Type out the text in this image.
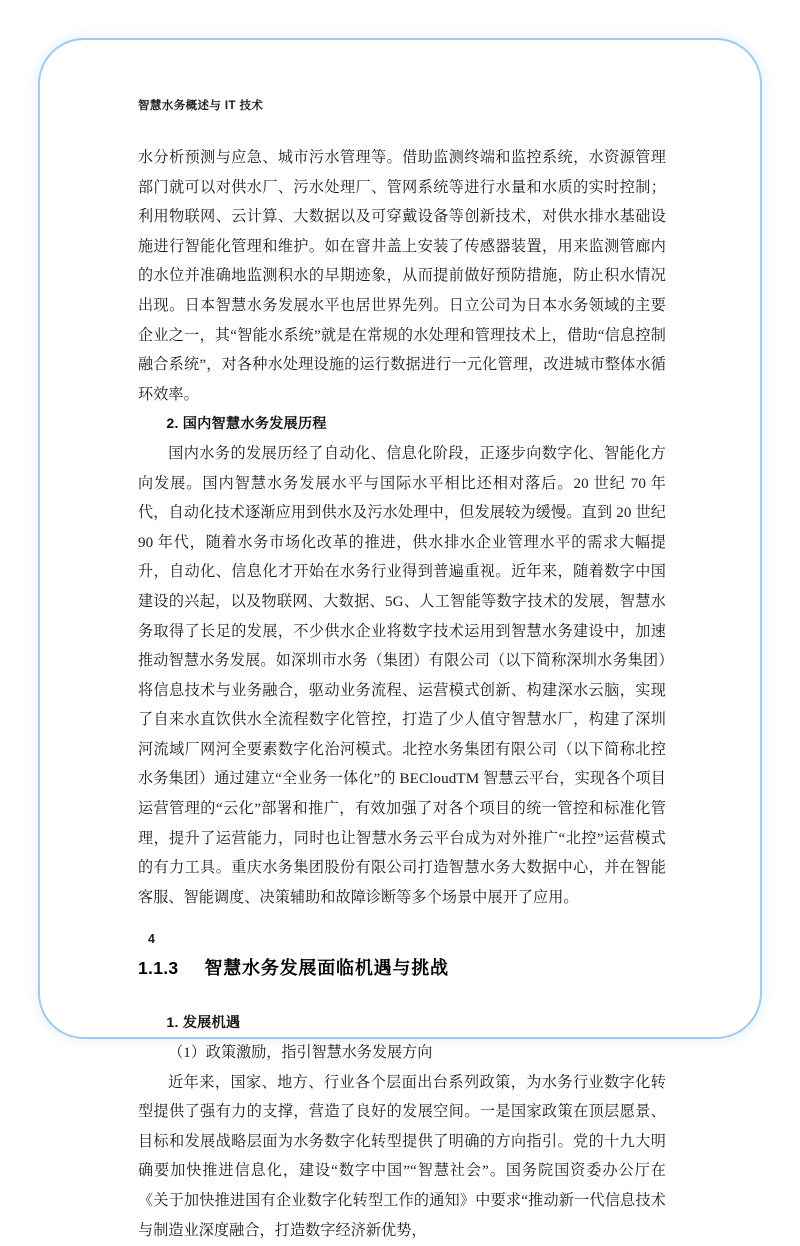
智慧水务概述与 IT 技术

水分析预测与应急、城市污水管理等。借助监测终端和监控系统，水资源管理部门就可以对供水厂、污水处理厂、管网系统等进行水量和水质的实时控制；利用物联网、云计算、大数据以及可穿戴设备等创新技术，对供水排水基础设施进行智能化管理和维护。如在窨井盖上安装了传感器装置，用来监测管廊内的水位并准确地监测积水的早期迹象，从而提前做好预防措施，防止积水情况出现。日本智慧水务发展水平也居世界先列。日立公司为日本水务领域的主要企业之一，其“智能水系统”就是在常规的水处理和管理技术上，借助“信息控制融合系统”，对各种水处理设施的运行数据进行一元化管理，改进城市整体水循环效率。

2. 国内智慧水务发展历程

国内水务的发展历经了自动化、信息化阶段，正逐步向数字化、智能化方向发展。国内智慧水务发展水平与国际水平相比还相对落后。20 世纪 70 年代，自动化技术逐渐应用到供水及污水处理中，但发展较为缓慢。直到 20 世纪 90 年代，随着水务市场化改革的推进，供水排水企业管理水平的需求大幅提升，自动化、信息化才开始在水务行业得到普遍重视。近年来，随着数字中国建设的兴起，以及物联网、大数据、5G、人工智能等数字技术的发展，智慧水务取得了长足的发展，不少供水企业将数字技术运用到智慧水务建设中，加速推动智慧水务发展。如深圳市水务（集团）有限公司（以下简称深圳水务集团）将信息技术与业务融合，驱动业务流程、运营模式创新、构建深水云脑，实现了自来水直饮供水全流程数字化管控，打造了少人值守智慧水厂，构建了深圳河流域厂网河全要素数字化治河模式。北控水务集团有限公司（以下简称北控水务集团）通过建立“全业务一体化”的 BECloudTM 智慧云平台，实现各个项目运营管理的“云化”部署和推广，有效加强了对各个项目的统一管控和标准化管理，提升了运营能力，同时也让智慧水务云平台成为对外推广“北控”运营模式的有力工具。重庆水务集团股份有限公司打造智慧水务大数据中心，并在智能客服、智能调度、决策辅助和故障诊断等多个场景中展开了应用。

1.1.3 智慧水务发展面临机遇与挑战

1. 发展机遇

（1）政策激励，指引智慧水务发展方向

近年来，国家、地方、行业各个层面出台系列政策，为水务行业数字化转型提供了强有力的支撑，营造了良好的发展空间。一是国家政策在顶层愿景、目标和发展战略层面为水务数字化转型提供了明确的方向指引。党的十九大明确要加快推进信息化，建设“数字中国”“智慧社会”。国务院国资委办公厅在《关于加快推进国有企业数字化转型工作的通知》中要求“推动新一代信息技术与制造业深度融合，打造数字经济新优势，

4
